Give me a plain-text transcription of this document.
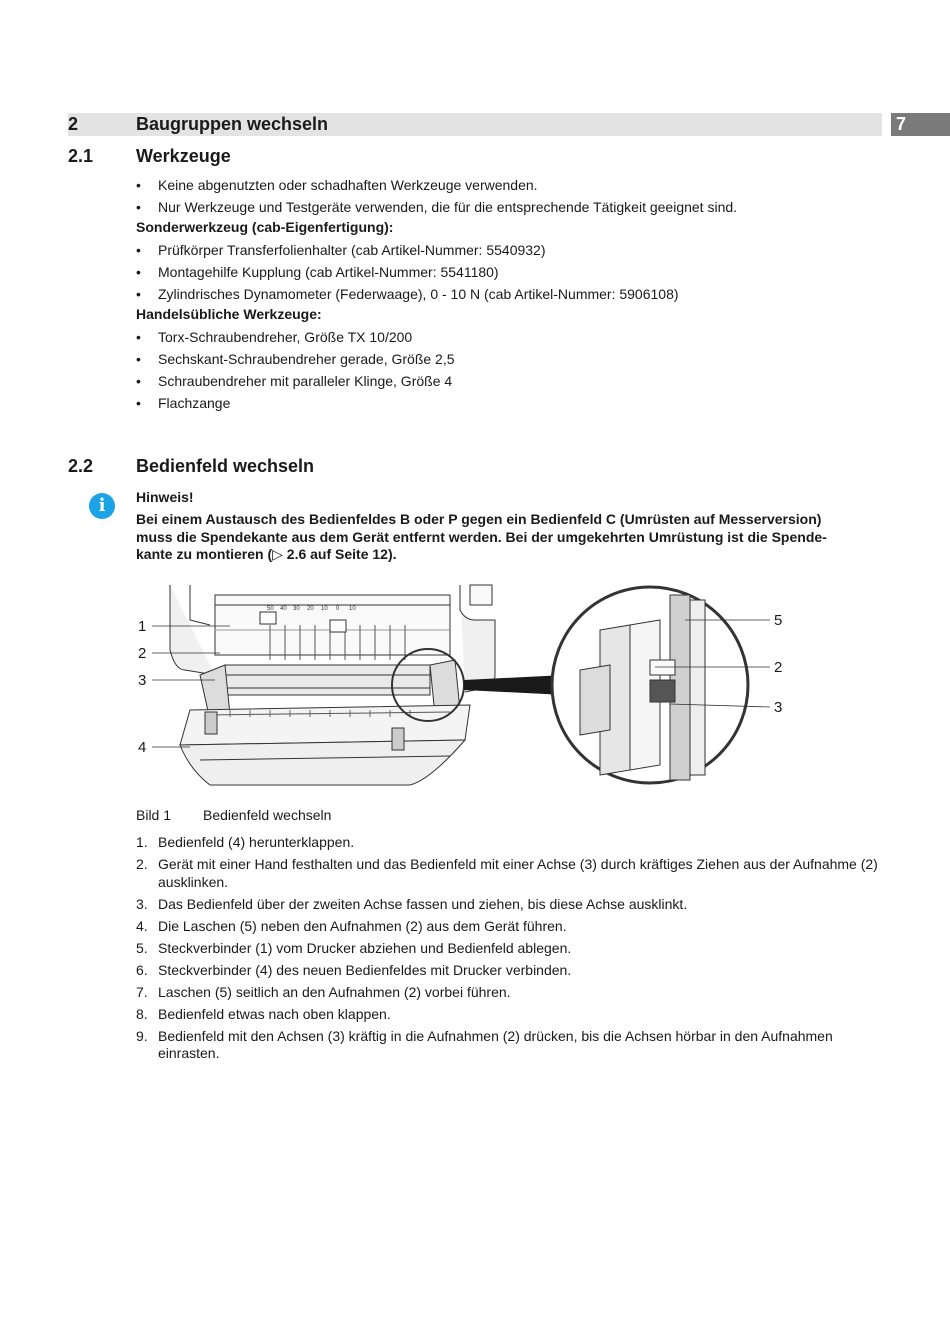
2	Baugruppen wechseln	7
2.1 Werkzeuge
• Keine abgenutzten oder schadhaften Werkzeuge verwenden.
• Nur Werkzeuge und Testgeräte verwenden, die für die entsprechende Tätigkeit geeignet sind.
Sonderwerkzeug (cab-Eigenfertigung):
• Prüfkörper Transferfolienhalter (cab Artikel-Nummer: 5540932)
• Montagehilfe Kupplung (cab Artikel-Nummer: 5541180)
• Zylindrisches Dynamometer (Federwaage), 0 - 10 N (cab Artikel-Nummer: 5906108)
Handelsübliche Werkzeuge:
• Torx-Schraubendreher, Größe TX 10/200
• Sechskant-Schraubendreher gerade, Größe 2,5
• Schraubendreher mit paralleler Klinge, Größe 4
• Flachzange
2.2 Bedienfeld wechseln
i	Hinweis!

Bei einem Austausch des Bedienfeldes B oder P gegen ein Bedienfeld C (Umrüsten auf Messerversion) muss die Spendekante aus dem Gerät entfernt werden. Bei der umgekehrten Umrüstung ist die Spende- kante zu montieren (▷ 2.6 auf Seite 12).

50 40 30 20 10 0 10
1
2
3
4
5
2
3
Bild 1 Bedienfeld wechseln
1. Bedienfeld (4) herunterklappen.
2. Gerät mit einer Hand festhalten und das Bedienfeld mit einer Achse (3) durch kräftiges Ziehen aus der Aufnahme (2) ausklinken.
3. Das Bedienfeld über der zweiten Achse fassen und ziehen, bis diese Achse ausklinkt.
4. Die Laschen (5) neben den Aufnahmen (2) aus dem Gerät führen.
5. Steckverbinder (1) vom Drucker abziehen und Bedienfeld ablegen.
6. Steckverbinder (4) des neuen Bedienfeldes mit Drucker verbinden.
7. Laschen (5) seitlich an den Aufnahmen (2) vorbei führen.
8. Bedienfeld etwas nach oben klappen.
9. Bedienfeld mit den Achsen (3) kräftig in die Aufnahmen (2) drücken, bis die Achsen hörbar in den Aufnahmen einrasten.
